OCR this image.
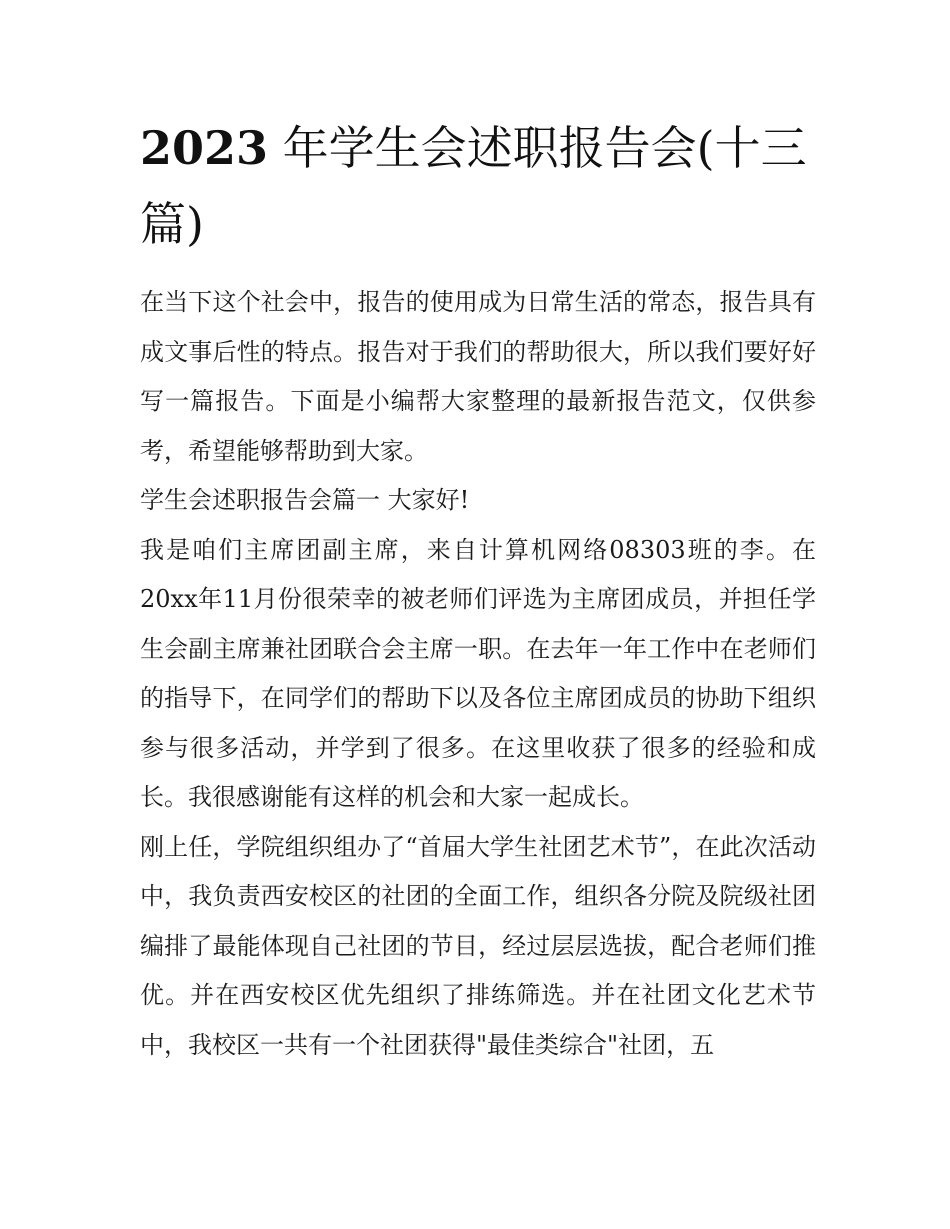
2023 年学生会述职报告会(十三篇)

在当下这个社会中，报告的使用成为日常生活的常态，报告具有成文事后性的特点。报告对于我们的帮助很大，所以我们要好好写一篇报告。下面是小编帮大家整理的最新报告范文，仅供参考，希望能够帮助到大家。

学生会述职报告会篇一 大家好!

我是咱们主席团副主席，来自计算机网络08303班的李。在20xx年11月份很荣幸的被老师们评选为主席团成员，并担任学生会副主席兼社团联合会主席一职。在去年一年工作中在老师们的指导下，在同学们的帮助下以及各位主席团成员的协助下组织参与很多活动，并学到了很多。在这里收获了很多的经验和成长。我很感谢能有这样的机会和大家一起成长。

刚上任，学院组织组办了“首届大学生社团艺术节”，在此次活动中，我负责西安校区的社团的全面工作，组织各分院及院级社团编排了最能体现自己社团的节目，经过层层选拔，配合老师们推优。并在西安校区优先组织了排练筛选。并在社团文化艺术节中，我校区一共有一个社团获得"最佳类综合"社团，五
